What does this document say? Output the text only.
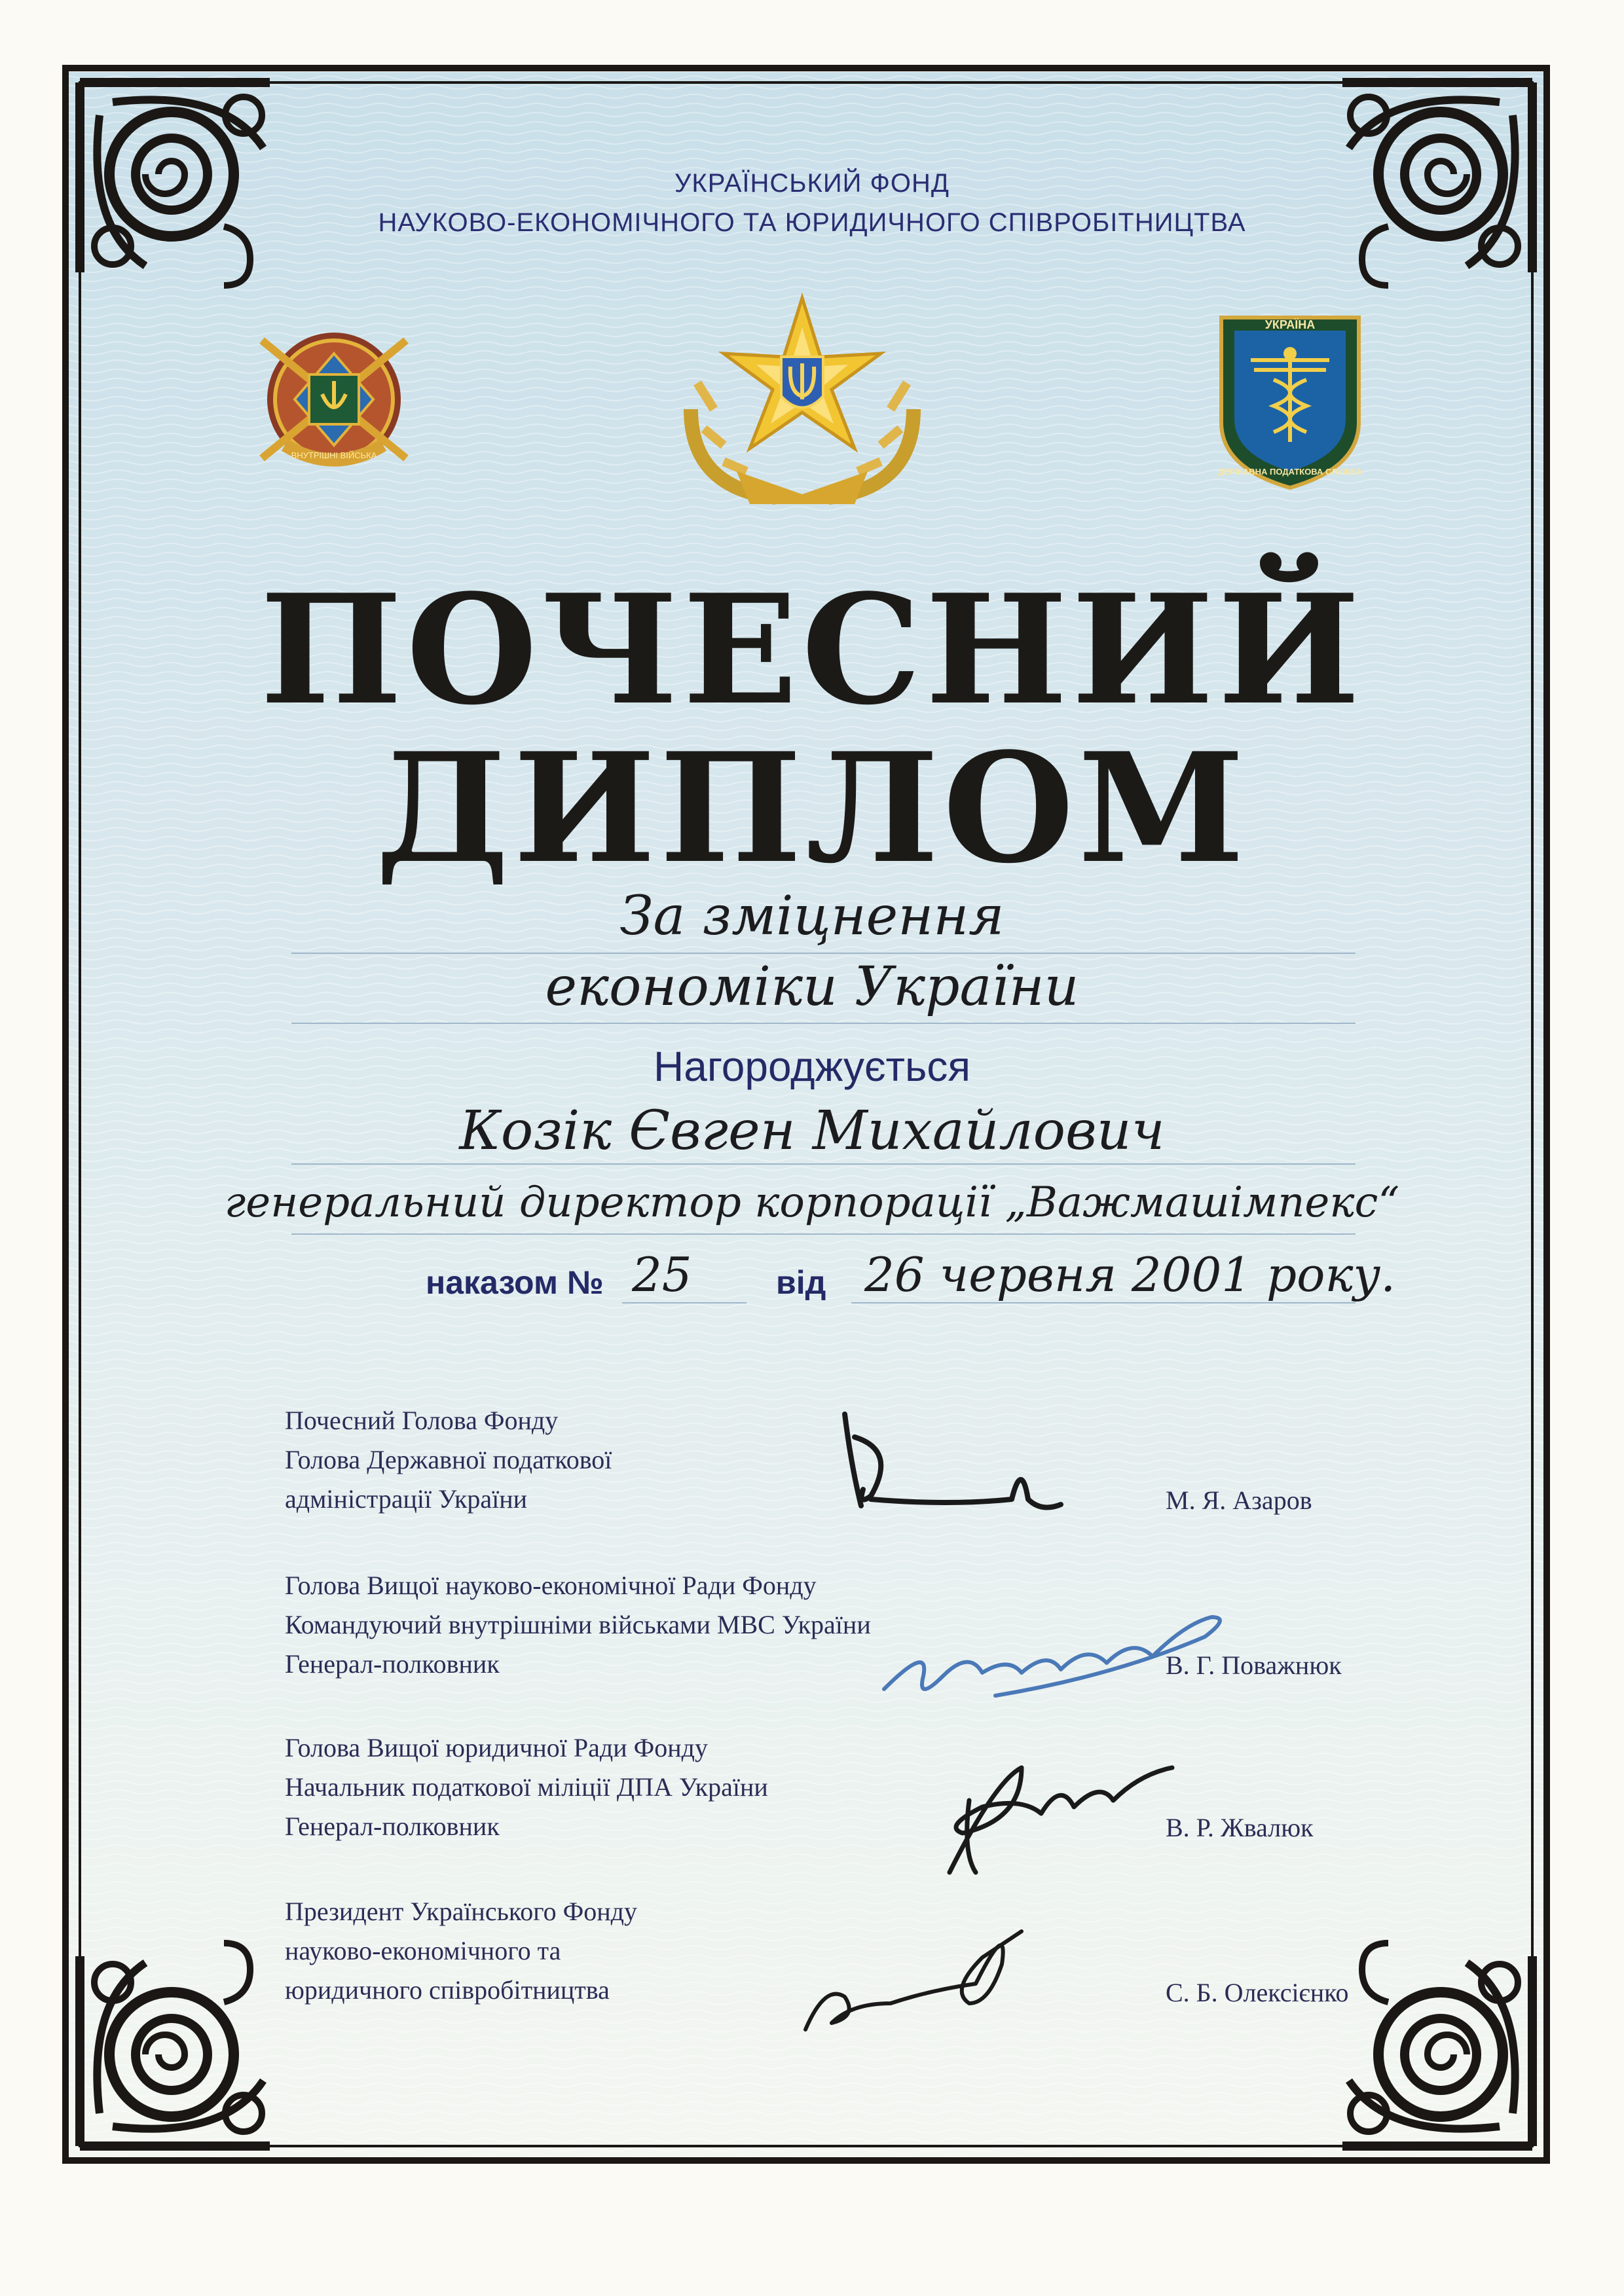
ВНУТРІШНІ ВІЙСЬКА
УКРАЇНА
ДЕРЖАВНА ПОДАТКОВА СЛУЖБА
УКРАЇНСЬКИЙ ФОНД
НАУКОВО-ЕКОНОМІЧНОГО ТА ЮРИДИЧНОГО СПІВРОБІТНИЦТВА
ПОЧЕСНИЙ
ДИПЛОМ
За зміцнення
економіки України
Нагороджується
Козік Євген Михайлович
генеральний директор корпорації „Важмашімпекс“
наказом № 25	від 26 червня 2001 року.
Почесний Голова Фонду
Голова Державної податкової
адміністрації України	М. Я. Азаров
Голова Вищої науково-економічної Ради Фонду
Командуючий внутрішніми військами МВС України
Генерал-полковник	В. Г. Поважнюк
Голова Вищої юридичної Ради Фонду
Начальник податкової міліції ДПА України
Генерал-полковник	В. Р. Жвалюк
Президент Українського Фонду
науково-економічного та
юридичного співробітництва	С. Б. Олексієнко
